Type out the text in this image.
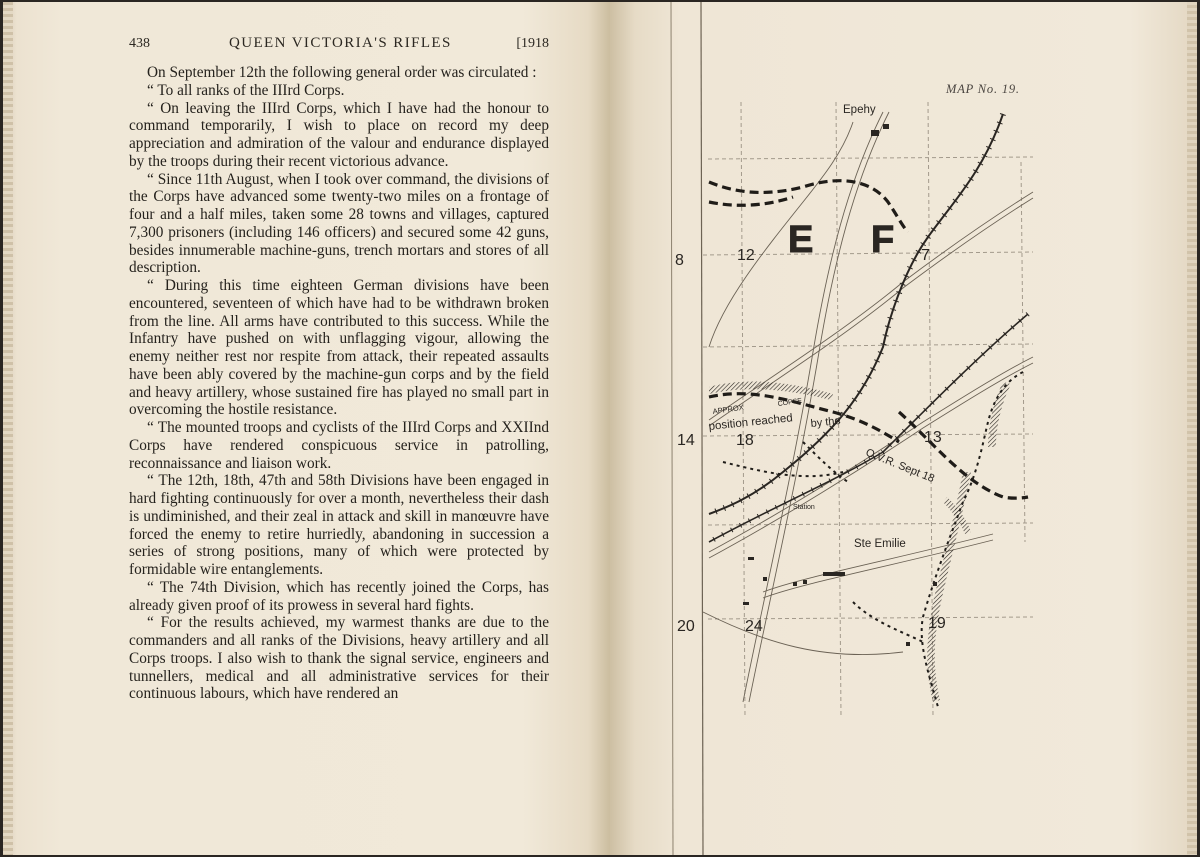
438	QUEEN VICTORIA'S RIFLES	[1918

On September 12th the following general order was circulated :

“ To all ranks of the IIIrd Corps.

“ On leaving the IIIrd Corps, which I have had the honour to command temporarily, I wish to place on record my deep appreciation and admiration of the valour and endurance displayed by the troops during their recent victorious advance.

“ Since 11th August, when I took over command, the divisions of the Corps have advanced some twenty-two miles on a frontage of four and a half miles, taken some 28 towns and villages, captured 7,300 prisoners (including 146 officers) and secured some 42 guns, besides innumerable machine-guns, trench mortars and stores of all description.

“ During this time eighteen German divisions have been encountered, seventeen of which have had to be withdrawn broken from the line. All arms have contributed to this success. While the Infantry have pushed on with unflagging vigour, allowing the enemy neither rest nor respite from attack, their repeated assaults have been ably covered by the machine-gun corps and by the field and heavy artillery, whose sustained fire has played no small part in overcoming the hostile resistance.

“ The mounted troops and cyclists of the IIIrd Corps and XXIInd Corps have rendered conspicuous service in patrolling, reconnaissance and liaison work.

“ The 12th, 18th, 47th and 58th Divisions have been engaged in hard fighting continuously for over a month, nevertheless their dash is undiminished, and their zeal in attack and skill in manœuvre have forced the enemy to retire hurriedly, abandoning in succession a series of strong positions, many of which were protected by formidable wire entanglements.

“ The 74th Division, which has recently joined the Corps, has already given proof of its prowess in several hard fights.

“ For the results achieved, my warmest thanks are due to the commanders and all ranks of the Divisions, heavy artillery and all Corps troops. I also wish to thank the signal service, engineers and tunnellers, medical and all administrative services for their continuous labours, which have rendered an

MAP No. 19.
Epehy
Ste Emilie
Station
E F
8	12	7
14	18	13
20	24	19
APPROX	COPSE
position reached by the
Q.V.R. Sept 18
